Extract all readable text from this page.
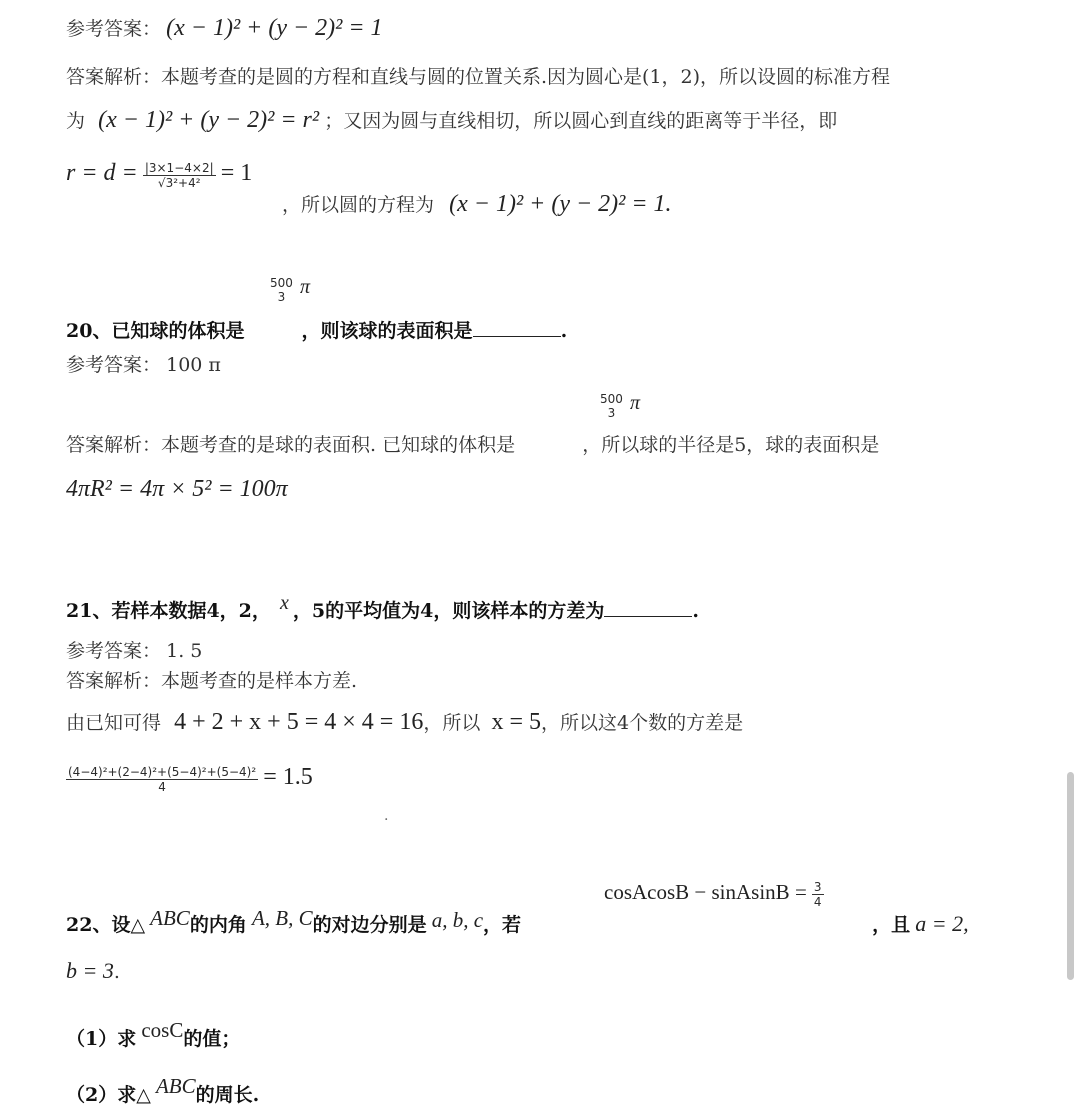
参考答案： (x − 1)² + (y − 2)² = 1
答案解析：本题考查的是圆的方程和直线与圆的位置关系.因为圆心是(1，2)，所以设圆的标准方程
为 (x − 1)² + (y − 2)² = r² ；又因为圆与直线相切，所以圆心到直线的距离等于半径，即
$r = d = \frac{|3\times 1-4\times 2|}{\text{√3²+4²}} = 1$
，所以圆的方程为 (x − 1)² + (y − 2)² = 1.
500
3 π
20、已知球的体积是	，则该球的表面积是	.
参考答案： 100 π
500
3 π
答案解析：本题考查的是球的表面积. 已知球的体积是	，所以球的半径是5，球的表面积是
4πR² = 4π × 5² = 100π
21、若样本数据4，2， x ，5的平均值为4，则该样本的方差为	.
参考答案： 1. 5
答案解析：本题考查的是样本方差.
由已知可得 4 + 2 + x + 5 = 4 × 4 = 16，所以 x = 5，所以这4个数的方差是
$\frac{\text{(4−4)²+(2−4)²+(5−4)²+(5−4)²}}{4} = 1.5$
.
cosAcosB − sinAsinB = $\frac{3}{4}$
22、设△ ABC的内角 A, B, C的对边分别是 a, b, c，若	，且 a = 2,
b = 3.
（1）求 cosC的值；
（2）求△ ABC的周长.
